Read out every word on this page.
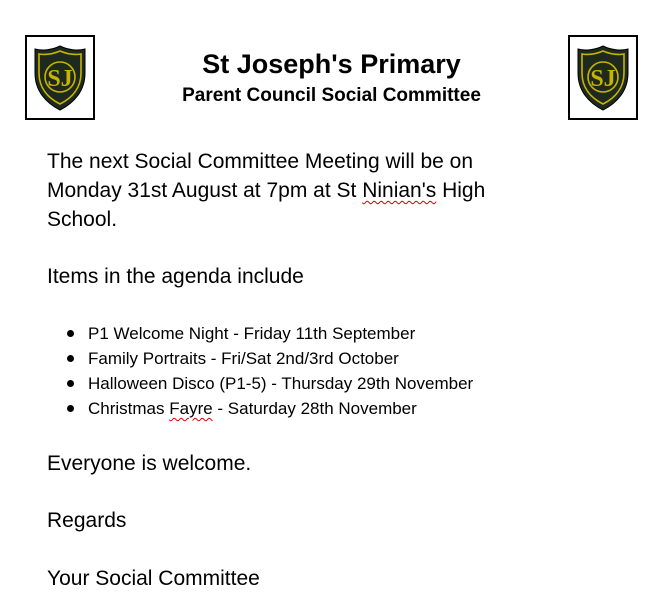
SJ	SJ
St Joseph's Primary
Parent Council Social Committee

The next Social Committee Meeting will be on
Monday 31st August at 7pm at St Ninian's High
School.

Items in the agenda include

P1 Welcome Night - Friday 11th September
Family Portraits - Fri/Sat 2nd/3rd October
Halloween Disco (P1-5) - Thursday 29th November
Christmas Fayre - Saturday 28th November

Everyone is welcome.

Regards

Your Social Committee
